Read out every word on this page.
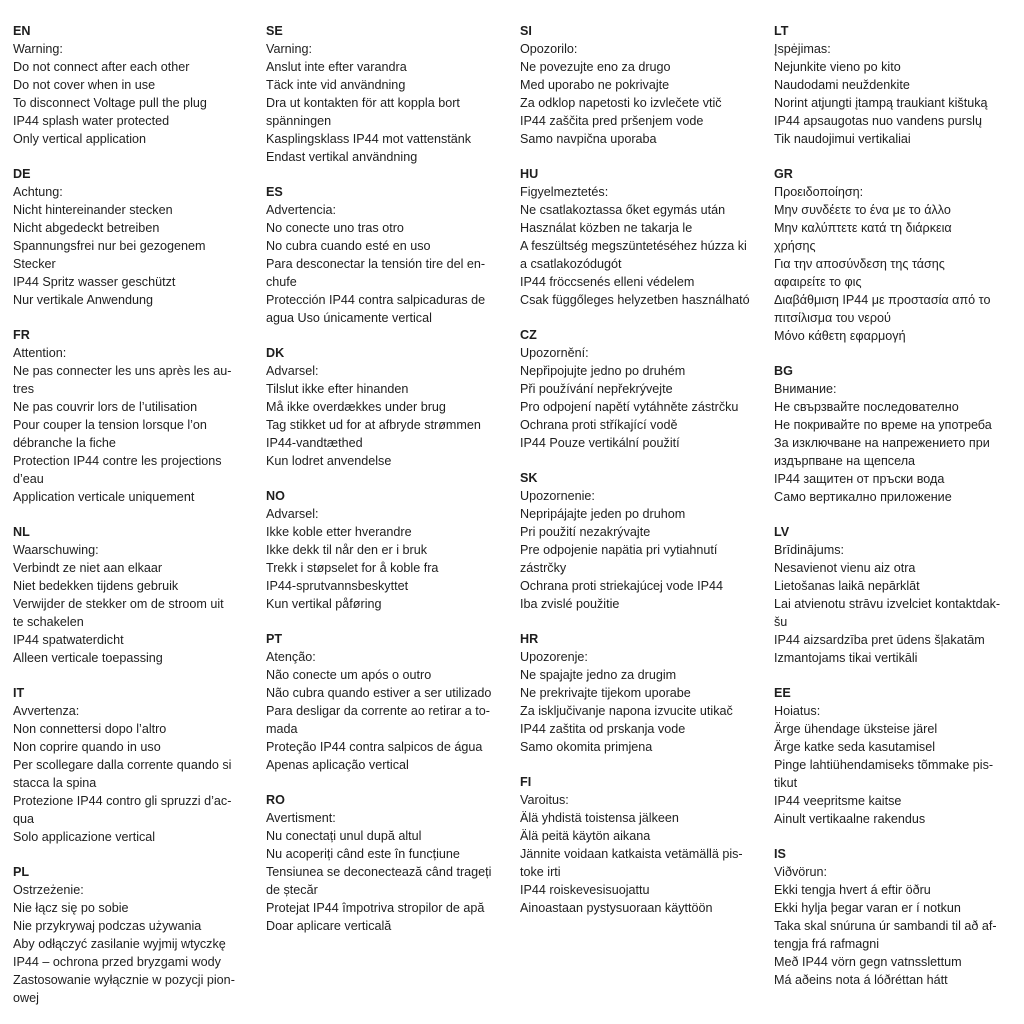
EN
Warning:
Do not connect after each other
Do not cover when in use
To disconnect Voltage pull the plug
IP44 splash water protected
Only vertical application
DE
Achtung:
Nicht hintereinander stecken
Nicht abgedeckt betreiben
Spannungsfrei nur bei gezogenem
Stecker
IP44 Spritz wasser geschützt
Nur vertikale Anwendung
FR
Attention:
Ne pas connecter les uns après les au-
tres
Ne pas couvrir lors de l’utilisation
Pour couper la tension lorsque l’on
débranche la fiche
Protection IP44 contre les projections
d’eau
Application verticale uniquement
NL
Waarschuwing:
Verbindt ze niet aan elkaar
Niet bedekken tijdens gebruik
Verwijder de stekker om de stroom uit
te schakelen
IP44 spatwaterdicht
Alleen verticale toepassing
IT
Avvertenza:
Non connettersi dopo l’altro
Non coprire quando in uso
Per scollegare dalla corrente quando si
stacca la spina
Protezione IP44 contro gli spruzzi d’ac-
qua
Solo applicazione vertical
PL
Ostrzeżenie:
Nie łącz się po sobie
Nie przykrywaj podczas używania
Aby odłączyć zasilanie wyjmij wtyczkę
IP44 – ochrona przed bryzgami wody
Zastosowanie wyłącznie w pozycji pion-
owej
SE
Varning:
Anslut inte efter varandra
Täck inte vid användning
Dra ut kontakten för att koppla bort
spänningen
Kasplingsklass IP44 mot vattenstänk
Endast vertikal användning
ES
Advertencia:
No conecte uno tras otro
No cubra cuando esté en uso
Para desconectar la tensión tire del en-
chufe
Protección IP44 contra salpicaduras de
agua Uso únicamente vertical
DK
Advarsel:
Tilslut ikke efter hinanden
Må ikke overdækkes under brug
Tag stikket ud for at afbryde strømmen
IP44-vandtæthed
Kun lodret anvendelse
NO
Advarsel:
Ikke koble etter hverandre
Ikke dekk til når den er i bruk
Trekk i støpselet for å koble fra
IP44-sprutvannsbeskyttet
Kun vertikal påføring
PT
Atenção:
Não conecte um após o outro
Não cubra quando estiver a ser utilizado
Para desligar da corrente ao retirar a to-
mada
Proteção IP44 contra salpicos de água
Apenas aplicação vertical
RO
Avertisment:
Nu conectați unul după altul
Nu acoperiți când este în funcțiune
Tensiunea se deconectează când trageți
de ștecăr
Protejat IP44 împotriva stropilor de apă
Doar aplicare verticală
SI
Opozorilo:
Ne povezujte eno za drugo
Med uporabo ne pokrivajte
Za odklop napetosti ko izvlečete vtič
IP44 zaščita pred pršenjem vode
Samo navpična uporaba
HU
Figyelmeztetés:
Ne csatlakoztassa őket egymás után
Használat közben ne takarja le
A feszültség megszüntetéséhez húzza ki
a csatlakozódugót
IP44 fröccsenés elleni védelem
Csak függőleges helyzetben használható
CZ
Upozornění:
Nepřipojujte jedno po druhém
Při používání nepřekrývejte
Pro odpojení napětí vytáhněte zástrčku
Ochrana proti stříkající vodě
IP44 Pouze vertikální použití
SK
Upozornenie:
Nepripájajte jeden po druhom
Pri použití nezakrývajte
Pre odpojenie napätia pri vytiahnutí
zástrčky
Ochrana proti striekajúcej vode IP44
Iba zvislé použitie
HR
Upozorenje:
Ne spajajte jedno za drugim
Ne prekrivajte tijekom uporabe
Za isključivanje napona izvucite utikač
IP44 zaštita od prskanja vode
Samo okomita primjena
FI
Varoitus:
Älä yhdistä toistensa jälkeen
Älä peitä käytön aikana
Jännite voidaan katkaista vetämällä pis-
toke irti
IP44 roiskevesisuojattu
Ainoastaan pystysuoraan käyttöön
LT
Įspėjimas:
Nejunkite vieno po kito
Naudodami neuždenkite
Norint atjungti įtampą traukiant kištuką
IP44 apsaugotas nuo vandens purslų
Tik naudojimui vertikaliai
GR
Προειδοποίηση:
Μην συνδέετε το ένα με το άλλο
Μην καλύπτετε κατά τη διάρκεια
χρήσης
Για την αποσύνδεση της τάσης
αφαιρείτε το φις
Διαβάθμιση IP44 με προστασία από το
πιτσίλισμα του νερού
Μόνο κάθετη εφαρμογή
BG
Внимание:
Не свързвайте последователно
Не покривайте по време на употреба
За изключване на напрежението при
издърпване на щепсела
IP44 защитен от пръски вода
Само вертикално приложение
LV
Brīdinājums:
Nesavienot vienu aiz otra
Lietošanas laikā nepārklāt
Lai atvienotu strāvu izvelciet kontaktdak-
šu
IP44 aizsardzība pret ūdens šļakatām
Izmantojams tikai vertikāli
EE
Hoiatus:
Ärge ühendage üksteise järel
Ärge katke seda kasutamisel
Pinge lahtiühendamiseks tõmmake pis-
tikut
IP44 veepritsme kaitse
Ainult vertikaalne rakendus
IS
Viðvörun:
Ekki tengja hvert á eftir öðru
Ekki hylja þegar varan er í notkun
Taka skal snúruna úr sambandi til að af-
tengja frá rafmagni
Með IP44 vörn gegn vatnsslettum
Má aðeins nota á lóðréttan hátt
